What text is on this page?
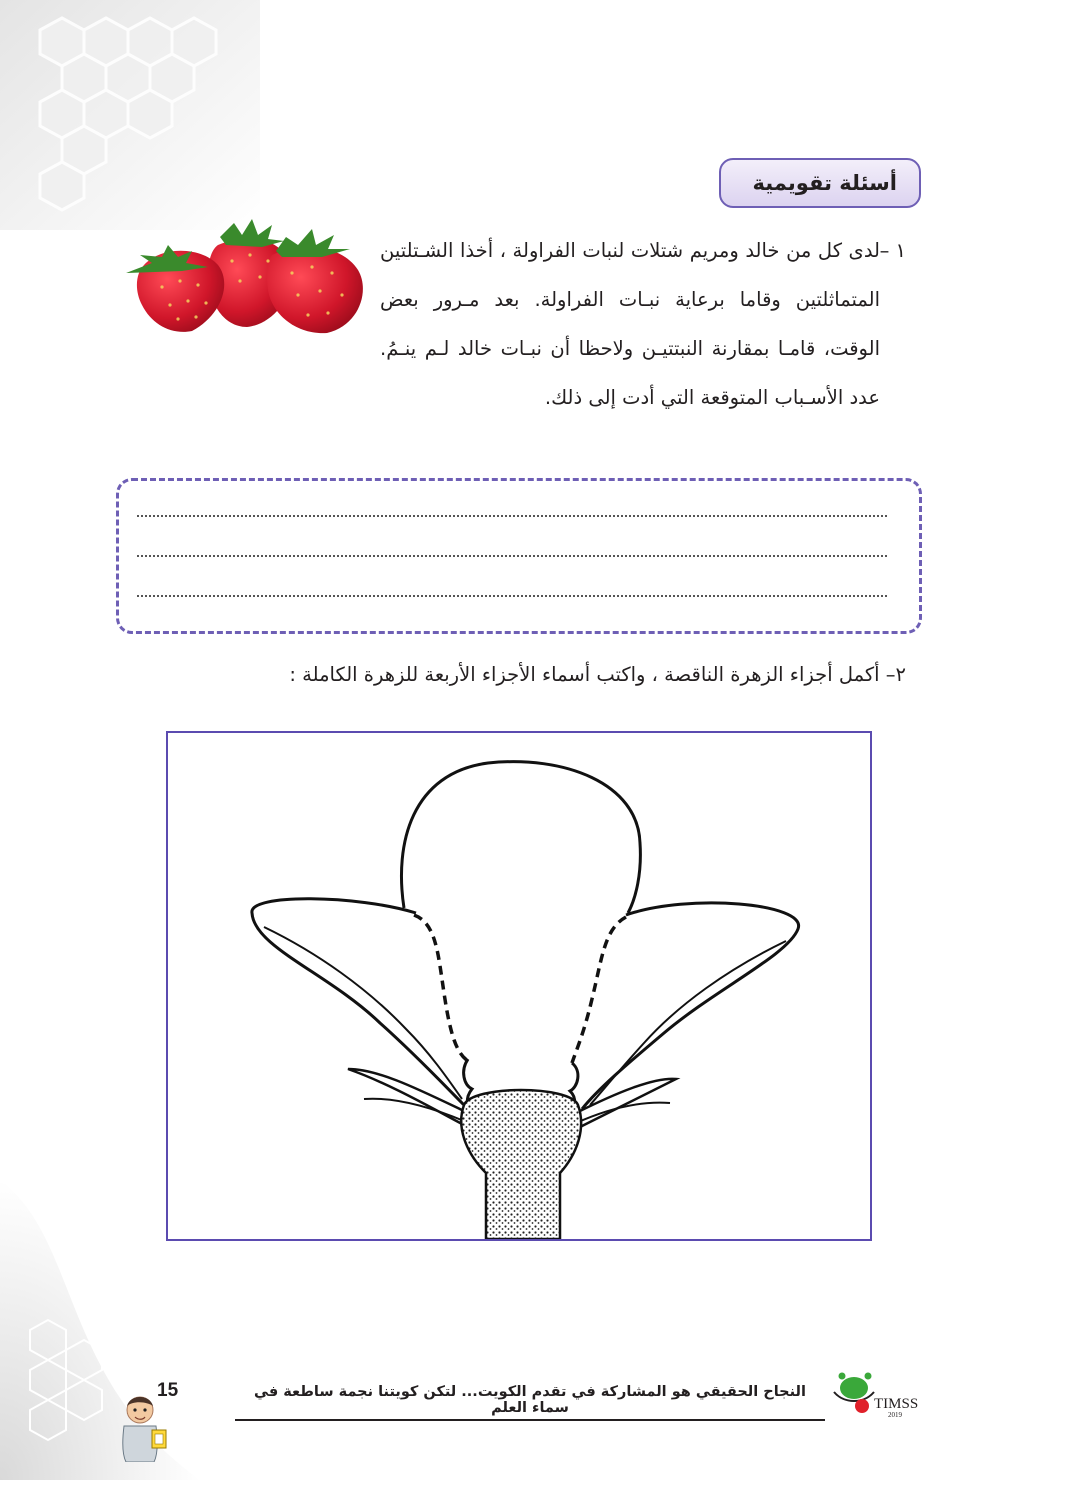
أسئلة تقويمية
١ –
لدى كل من خالد ومريم شتلات لنبات الفراولة ، أخذا الشـتلتين المتماثلتين وقاما برعاية نبـات الفراولة. بعد مـرور بعض الوقت، قامـا بمقارنة النبتتيـن ولاحظا أن نبـات خالد لـم ينـمُ. عدد الأسـباب المتوقعة التي أدت إلى ذلك.
٢– أكمل أجزاء الزهرة الناقصة ، واكتب أسماء الأجزاء الأربعة للزهرة الكاملة :
النجاح الحقيقي هو المشاركة في تقدم الكويت... لتكن كويتنا نجمة ساطعة في سماء العلم
15
TIMSS
2019
